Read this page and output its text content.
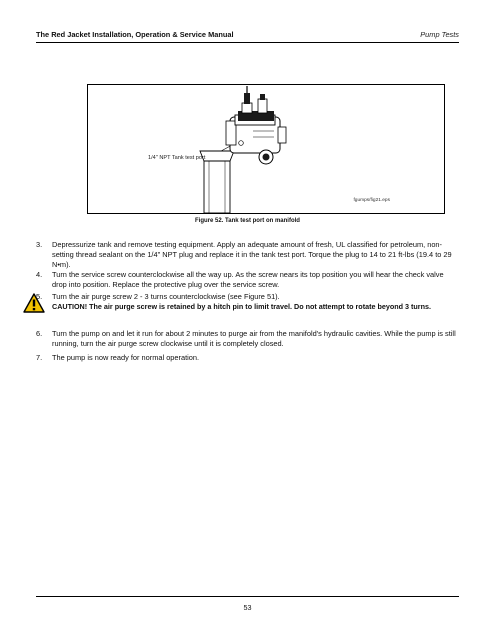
The Red Jacket Installation, Operation & Service Manual	Pump Tests
1/4" NPT Tank test port
fgumps/fig21.eps
Figure 52. Tank test port on manifold
3. Depressurize tank and remove testing equipment. Apply an adequate amount of fresh, UL classified for petroleum, non-setting thread sealant on the 1/4" NPT plug and replace it in the tank test port. Torque the plug to 14 to 21 ft-lbs (19.4 to 29 N•m).
4. Turn the service screw counterclockwise all the way up. As the screw nears its top position you will hear the check valve drop into position. Replace the protective plug over the service screw.
5. Turn the air purge screw 2 - 3 turns counterclockwise (see Figure 51).
CAUTION! The air purge screw is retained by a hitch pin to limit travel. Do not attempt to rotate beyond 3 turns.
6. Turn the pump on and let it run for about 2 minutes to purge air from the manifold's hydraulic cavities. While the pump is still running, turn the air purge screw clockwise until it is completely closed.
7. The pump is now ready for normal operation.
53
